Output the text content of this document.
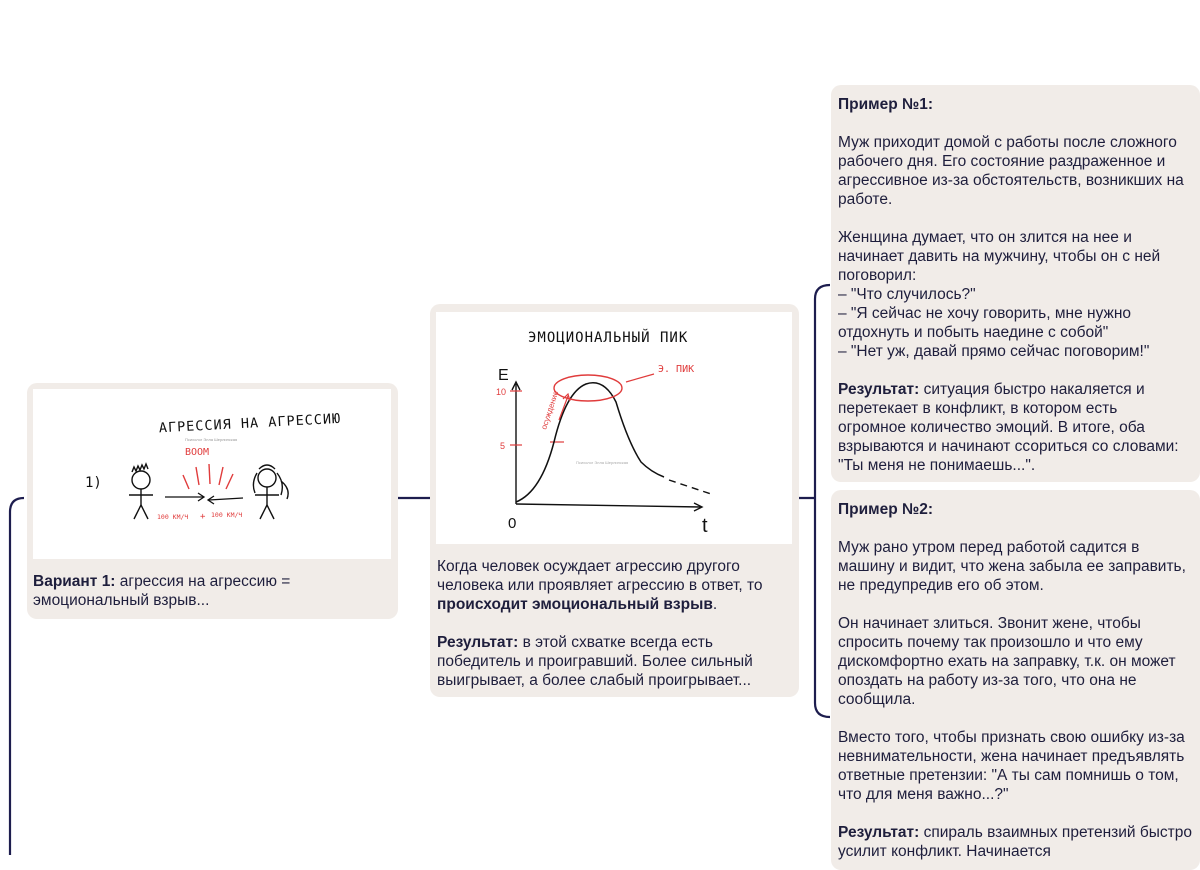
АГРЕССИЯ НА АГРЕССИЮ
Психолог Элла Шерлинская
1)
BOOM
100 КМ/Ч + 100 КМ/Ч
Вариант 1: агрессия на агрессию = эмоциональный взрыв...
ЭМОЦИОНАЛЬНЫЙ ПИК
Психолог Элла Шерлинская
E
t
0
10
5
Э. ПИК
осуждение

Когда человек осуждает агрессию другого человека или проявляет агрессию в ответ, то происходит эмоциональный взрыв.

Результат: в этой схватке всегда есть победитель и проигравший. Более сильный выигрывает, а более слабый проигрывает...

Пример №1:

Муж приходит домой с работы после сложного рабочего дня. Его состояние раздраженное и агрессивное из-за обстоятельств, возникших на работе.

Женщина думает, что он злится на нее и начинает давить на мужчину, чтобы он с ней поговорил:
– "Что случилось?"
– "Я сейчас не хочу говорить, мне нужно отдохнуть и побыть наедине с собой"
– "Нет уж, давай прямо сейчас поговорим!"

Результат: ситуация быстро накаляется и перетекает в конфликт, в котором есть огромное количество эмоций. В итоге, оба взрываются и начинают ссориться со словами: "Ты меня не понимаешь...".

Пример №2:

Муж рано утром перед работой садится в машину и видит, что жена забыла ее заправить, не предупредив его об этом.

Он начинает злиться. Звонит жене, чтобы спросить почему так произошло и что ему дискомфортно ехать на заправку, т.к. он может опоздать на работу из-за того, что она не сообщила.

Вместо того, чтобы признать свою ошибку из-за невнимательности, жена начинает предъявлять ответные претензии: "А ты сам помнишь о том, что для меня важно...?"

Результат: спираль взаимных претензий быстро усилит конфликт. Начинается
